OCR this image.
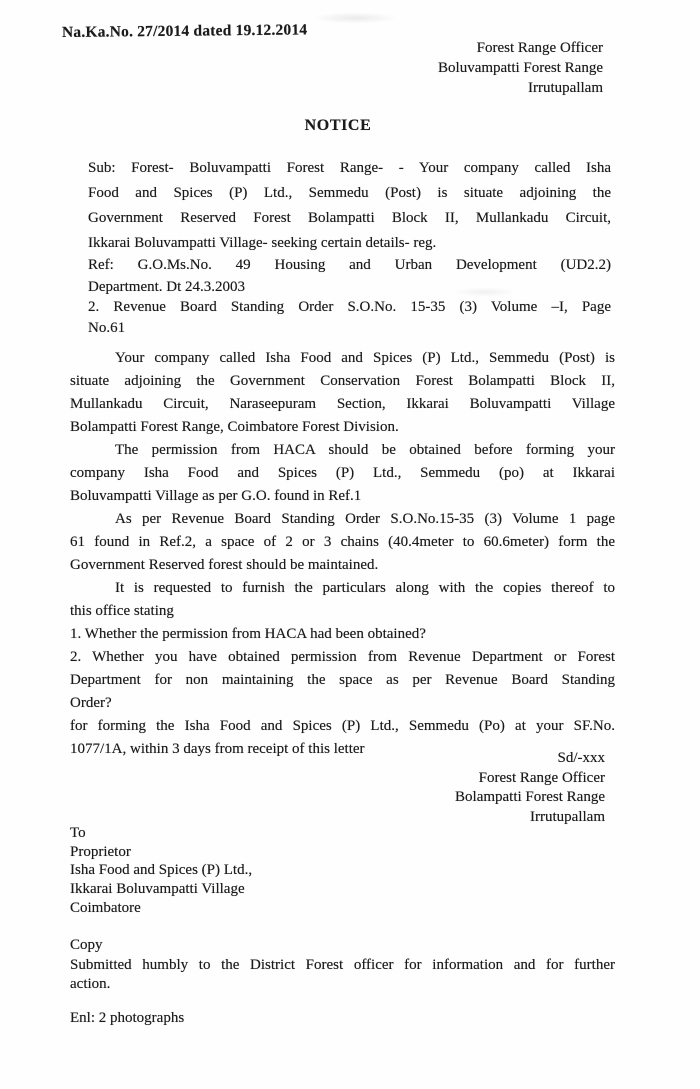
Na.Ka.No. 27/2014 dated 19.12.2014
Forest Range Officer
Boluvampatti Forest Range
Irrutupallam
NOTICE
Sub: Forest- Boluvampatti Forest Range- - Your company called Isha
Food and Spices (P) Ltd., Semmedu (Post) is situate adjoining the
Government Reserved Forest Bolampatti Block II, Mullankadu Circuit,
Ikkarai Boluvampatti Village- seeking certain details- reg.
Ref: G.O.Ms.No. 49 Housing and Urban Development (UD2.2)
Department. Dt 24.3.2003
2. Revenue Board Standing Order S.O.No. 15-35 (3) Volume –I, Page
No.61
Your company called Isha Food and Spices (P) Ltd., Semmedu (Post) is
situate adjoining the Government Conservation Forest Bolampatti Block II,
Mullankadu Circuit, Naraseepuram Section, Ikkarai Boluvampatti Village
Bolampatti Forest Range, Coimbatore Forest Division.
The permission from HACA should be obtained before forming your
company Isha Food and Spices (P) Ltd., Semmedu (po) at Ikkarai
Boluvampatti Village as per G.O. found in Ref.1
As per Revenue Board Standing Order S.O.No.15-35 (3) Volume 1 page
61 found in Ref.2, a space of 2 or 3 chains (40.4meter to 60.6meter) form the
Government Reserved forest should be maintained.
It is requested to furnish the particulars along with the copies thereof to
this office stating
1. Whether the permission from HACA had been obtained?
2. Whether you have obtained permission from Revenue Department or Forest
Department for non maintaining the space as per Revenue Board Standing
Order?
for forming the Isha Food and Spices (P) Ltd., Semmedu (Po) at your SF.No.
1077/1A, within 3 days from receipt of this letter
Sd/-xxx
Forest Range Officer
Bolampatti Forest Range
Irrutupallam
To
Proprietor
Isha Food and Spices (P) Ltd.,
Ikkarai Boluvampatti Village
Coimbatore
Copy
Submitted humbly to the District Forest officer for information and for further
action.
Enl: 2 photographs
